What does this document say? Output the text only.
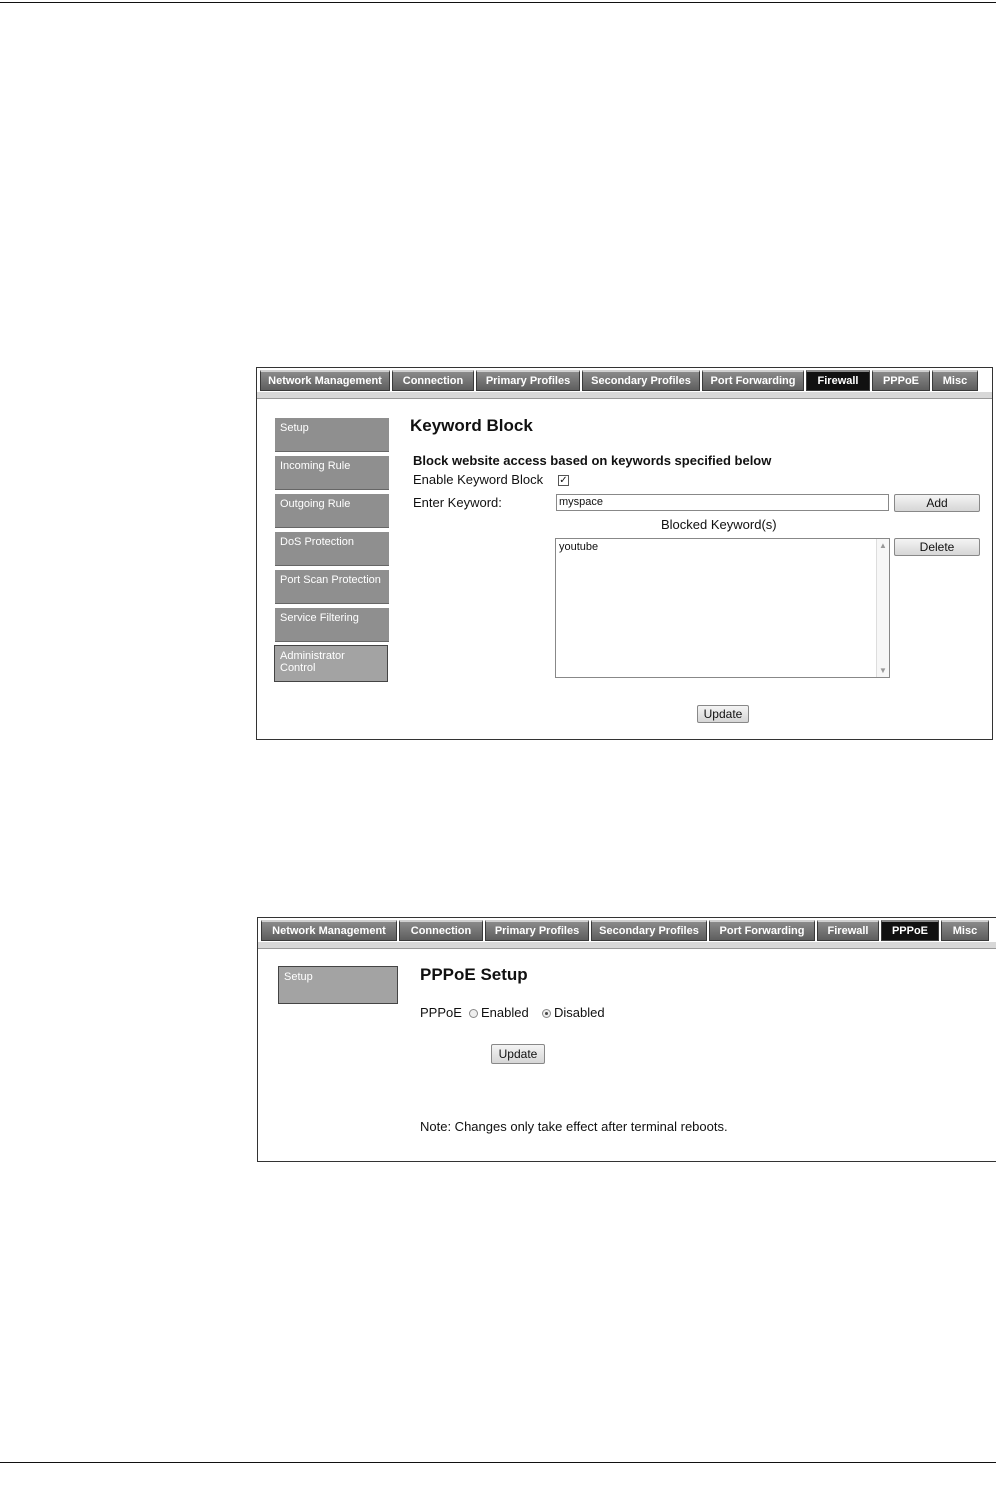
Network Management	Connection	Primary Profiles	Secondary Profiles	Port Forwarding	Firewall	PPPoE	Misc
Setup
Incoming Rule
Outgoing Rule
DoS Protection
Port Scan Protection
Service Filtering
Administrator Control
Keyword Block
Block website access based on keywords specified below
Enable Keyword Block ✓
Enter Keyword:	myspace	Add
Blocked Keyword(s)
youtube	▲
▼
Delete
Update
Network Management	Connection	Primary Profiles	Secondary Profiles	Port Forwarding	Firewall	PPPoE	Misc
Setup	PPPoE Setup
PPPoE Enabled Disabled
Update
Note: Changes only take effect after terminal reboots.
